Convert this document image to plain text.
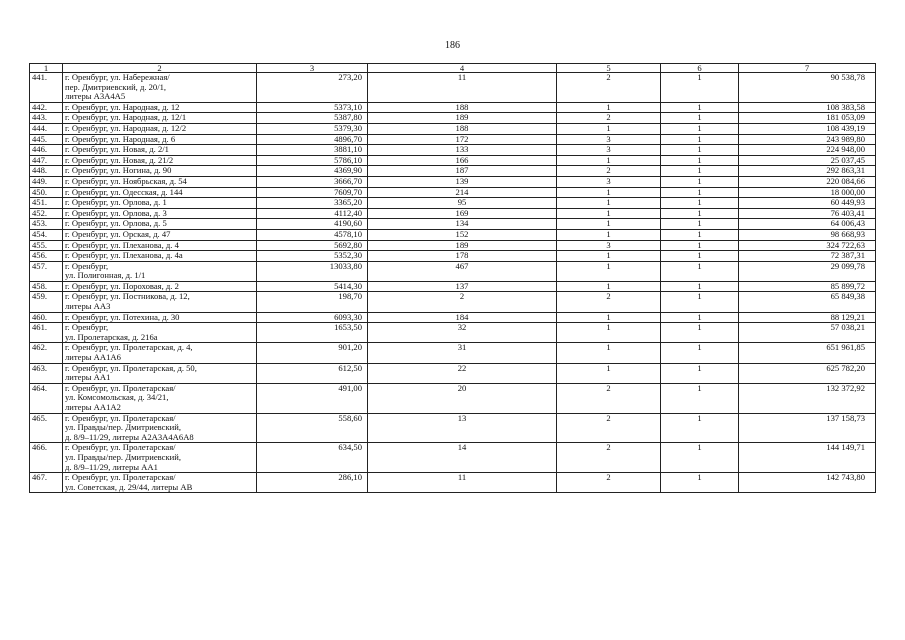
186
1	2	3	4	5	6	7
441.	г. Оренбург, ул. Набережная/
пер. Дмитриевский, д. 20/1,
литеры А3А4А5	273,20	11	2	1	90 538,78
442.	г. Оренбург, ул. Народная, д. 12	5373,10	188	1	1	108 383,58
443.	г. Оренбург, ул. Народная, д. 12/1	5387,80	189	2	1	181 053,09
444.	г. Оренбург, ул. Народная, д. 12/2	5379,30	188	1	1	108 439,19
445.	г. Оренбург, ул. Народная, д. 6	4896,70	172	3	1	243 989,80
446.	г. Оренбург, ул. Новая, д. 2/1	3881,10	133	3	1	224 948,00
447.	г. Оренбург, ул. Новая, д. 21/2	5786,10	166	1	1	25 037,45
448.	г. Оренбург, ул. Ногина, д. 90	4369,90	187	2	1	292 863,31
449.	г. Оренбург, ул. Ноябрьская, д. 54	3666,70	139	3	1	220 084,66
450.	г. Оренбург, ул. Одесская, д. 144	7609,70	214	1	1	18 000,00
451.	г. Оренбург, ул. Орлова, д. 1	3365,20	95	1	1	60 449,93
452.	г. Оренбург, ул. Орлова, д. 3	4112,40	169	1	1	76 403,41
453.	г. Оренбург, ул. Орлова, д. 5	4190,60	134	1	1	64 006,43
454.	г. Оренбург, ул. Орская, д. 47	4578,10	152	1	1	98 668,93
455.	г. Оренбург, ул. Плеханова, д. 4	5692,80	189	3	1	324 722,63
456.	г. Оренбург, ул. Плеханова, д. 4а	5352,30	178	1	1	72 387,31
457.	г. Оренбург,
ул. Полигонная, д. 1/1	13033,80	467	1	1	29 099,78
458.	г. Оренбург, ул. Пороховая, д. 2	5414,30	137	1	1	85 899,72
459.	г. Оренбург, ул. Постникова, д. 12,
литеры АА3	198,70	2	2	1	65 849,38
460.	г. Оренбург, ул. Потехина, д. 30	6093,30	184	1	1	88 129,21
461.	г. Оренбург,
ул. Пролетарская, д. 216а	1653,50	32	1	1	57 038,21
462.	г. Оренбург, ул. Пролетарская, д. 4,
литеры АА1А6	901,20	31	1	1	651 961,85
463.	г. Оренбург, ул. Пролетарская, д. 50,
литеры АА1	612,50	22	1	1	625 782,20
464.	г. Оренбург, ул. Пролетарская/
ул. Комсомольская, д. 34/21,
литеры АА1А2	491,00	20	2	1	132 372,92
465.	г. Оренбург, ул. Пролетарская/
ул. Правды/пер. Дмитриевский,
д. 8/9–11/29, литеры А2А3А4А6А8	558,60	13	2	1	137 158,73
466.	г. Оренбург, ул. Пролетарская/
ул. Правды/пер. Дмитриевский,
д. 8/9–11/29, литеры АА1	634,50	14	2	1	144 149,71
467.	г. Оренбург, ул. Пролетарская/
ул. Советская, д. 29/44, литеры АВ	286,10	11	2	1	142 743,80
